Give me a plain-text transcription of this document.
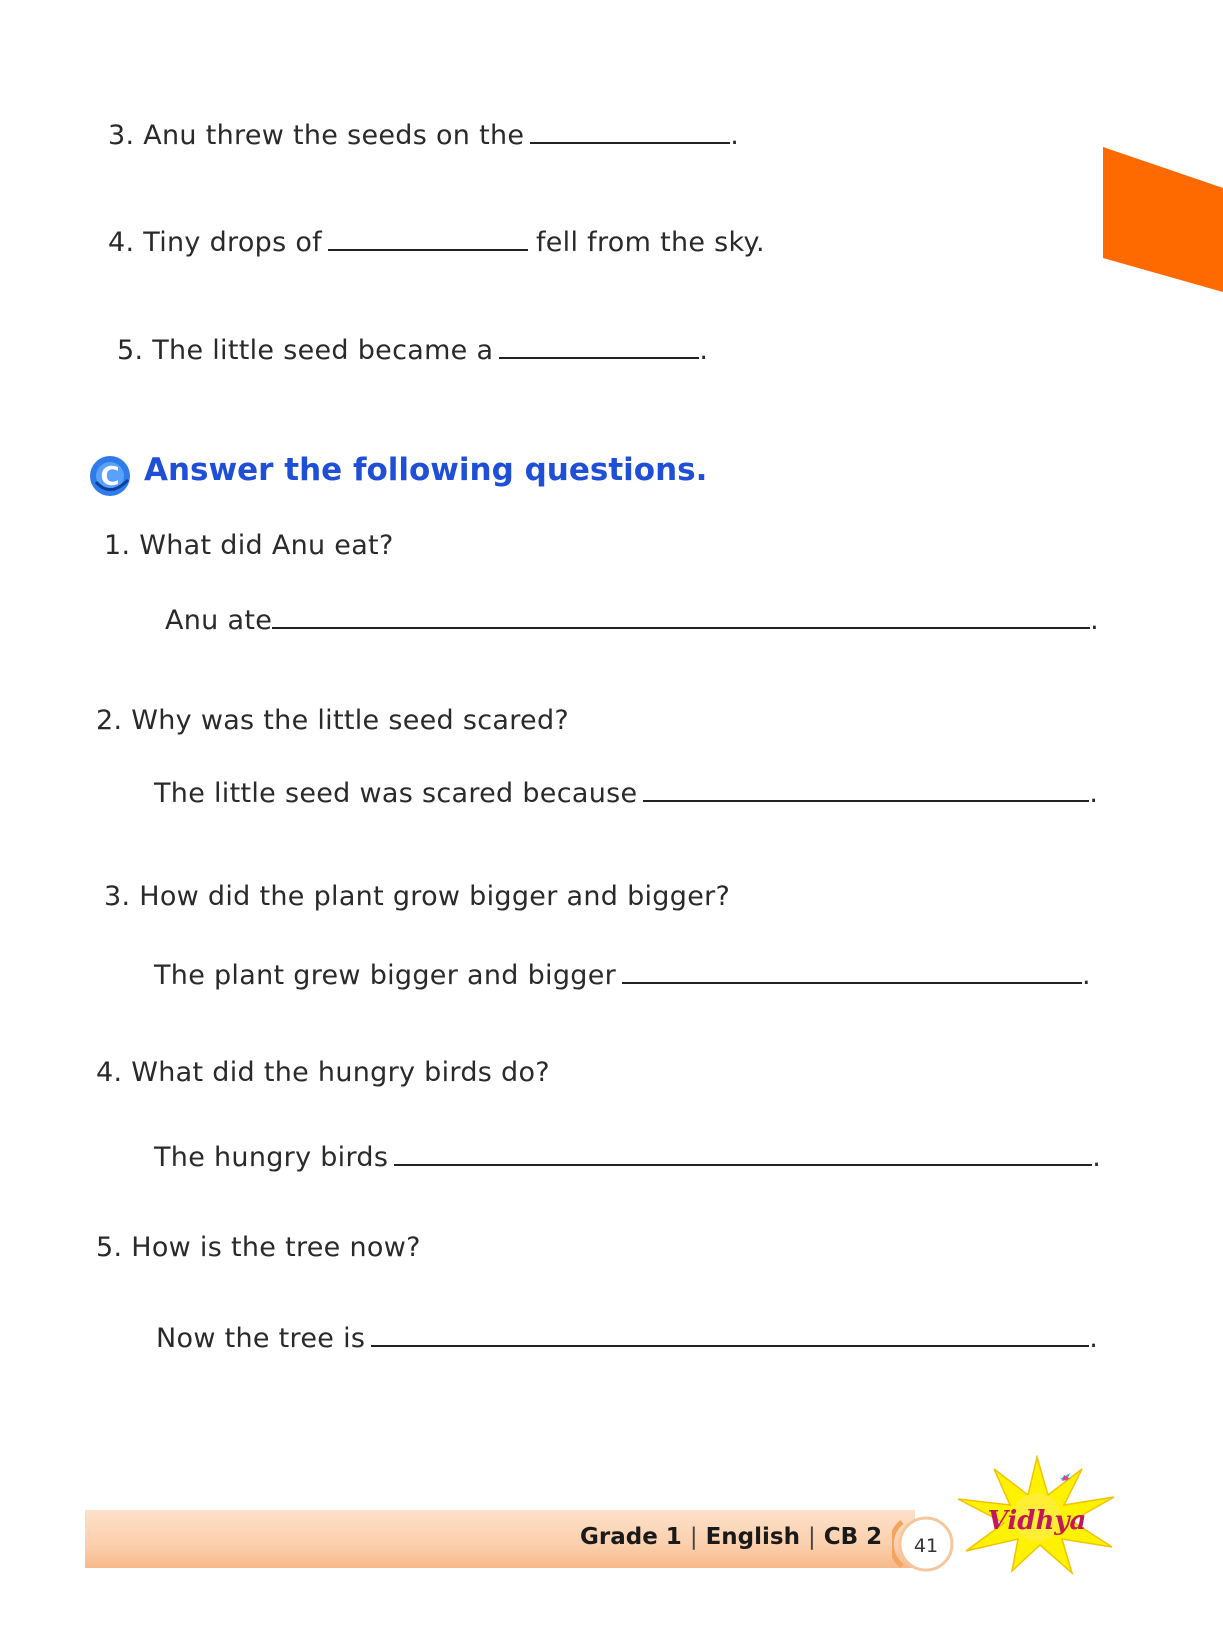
3. Anu threw the seeds on the	.
4. Tiny drops of	fell from the sky.
5. The little seed became a	.
C Answer the following questions.
1. What did Anu eat?
Anu ate	.
2. Why was the little seed scared?
The little seed was scared because	.
3. How did the plant grow bigger and bigger?
The plant grew bigger and bigger	.
4. What did the hungry birds do?
The hungry birds	.
5. How is the tree now?
Now the tree is	.
Grade 1 | English | CB 2 41
Vidhya
